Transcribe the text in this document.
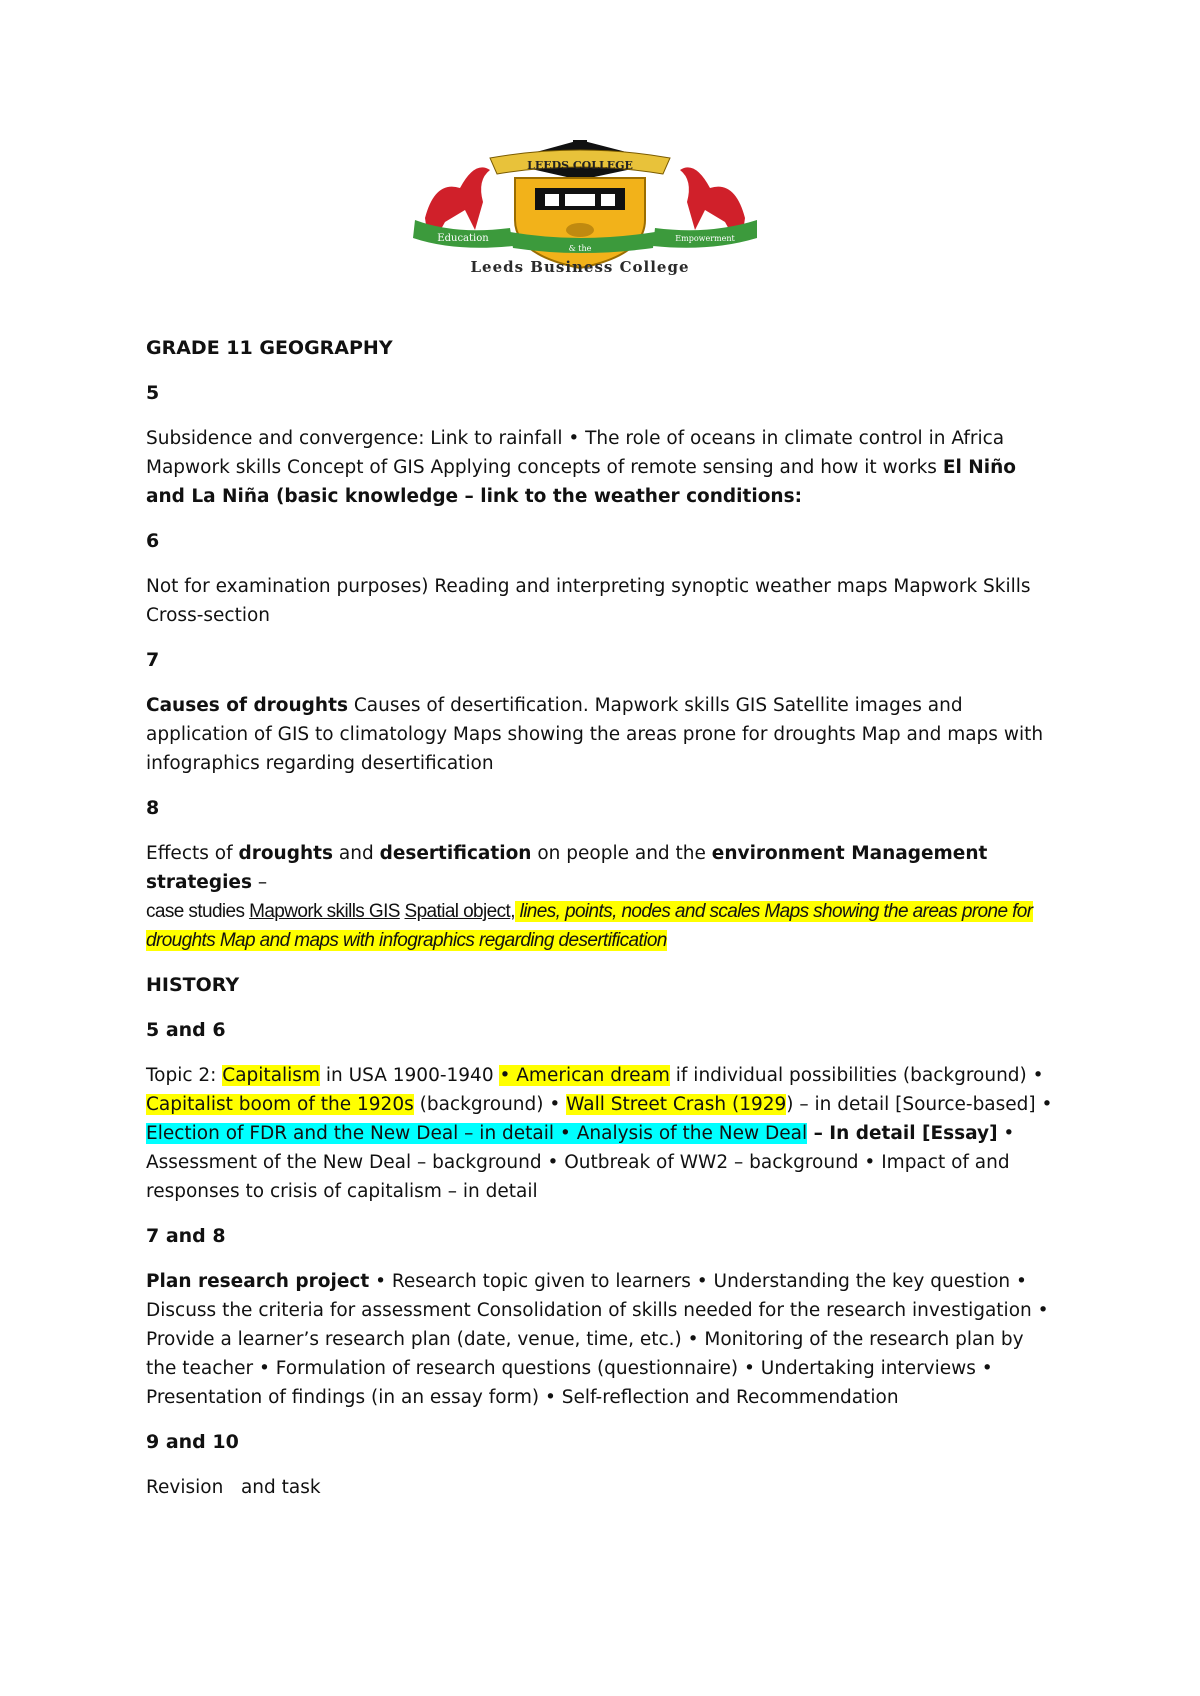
LEEDS COLLEGE
Education
& the
Empowerment
Leeds Business College

GRADE 11 GEOGRAPHY

5

Subsidence and convergence: Link to rainfall • The role of oceans in climate control in Africa Mapwork skills Concept of GIS Applying concepts of remote sensing and how it works El Niño and La Niña (basic knowledge – link to the weather conditions:

6

Not for examination purposes) Reading and interpreting synoptic weather maps Mapwork Skills Cross-section

7

Causes of droughts Causes of desertification. Mapwork skills GIS Satellite images and application of GIS to climatology Maps showing the areas prone for droughts Map and maps with infographics regarding desertification

8

Effects of droughts and desertification on people and the environment Management strategies –
case studies Mapwork skills GIS Spatial object, lines, points, nodes and scales Maps showing the areas prone for droughts Map and maps with infographics regarding desertification

HISTORY

5 and 6

Topic 2: Capitalism in USA 1900-1940 • American dream if individual possibilities (background) • Capitalist boom of the 1920s (background) • Wall Street Crash (1929) – in detail [Source-based] • Election of FDR and the New Deal – in detail • Analysis of the New Deal – In detail [Essay] • Assessment of the New Deal – background • Outbreak of WW2 – background • Impact of and responses to crisis of capitalism – in detail

7 and 8

Plan research project • Research topic given to learners • Understanding the key question • Discuss the criteria for assessment Consolidation of skills needed for the research investigation • Provide a learner’s research plan (date, venue, time, etc.) • Monitoring of the research plan by the teacher • Formulation of research questions (questionnaire) • Undertaking interviews • Presentation of findings (in an essay form) • Self-reflection and Recommendation

9 and 10

Revision   and task
